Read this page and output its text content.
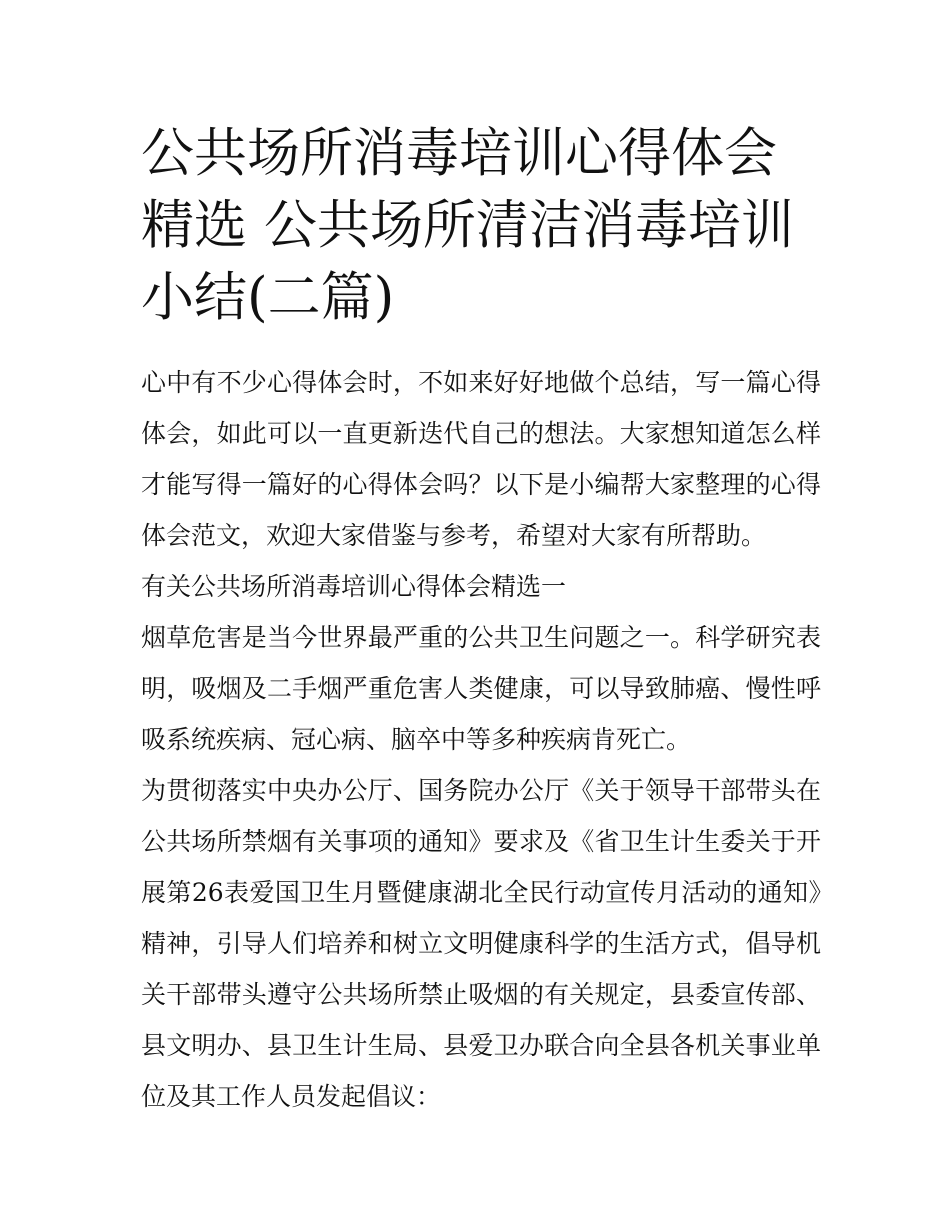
公共场所消毒培训心得体会精选 公共场所清洁消毒培训小结(二篇)

心中有不少心得体会时，不如来好好地做个总结，写一篇心得体会，如此可以一直更新迭代自己的想法。大家想知道怎么样才能写得一篇好的心得体会吗？以下是小编帮大家整理的心得体会范文，欢迎大家借鉴与参考，希望对大家有所帮助。

有关公共场所消毒培训心得体会精选一

烟草危害是当今世界最严重的公共卫生问题之一。科学研究表明，吸烟及二手烟严重危害人类健康，可以导致肺癌、慢性呼吸系统疾病、冠心病、脑卒中等多种疾病肯死亡。

为贯彻落实中央办公厅、国务院办公厅《关于领导干部带头在公共场所禁烟有关事项的通知》要求及《省卫生计生委关于开展第26表爱国卫生月暨健康湖北全民行动宣传月活动的通知》精神，引导人们培养和树立文明健康科学的生活方式，倡导机关干部带头遵守公共场所禁止吸烟的有关规定，县委宣传部、县文明办、县卫生计生局、县爱卫办联合向全县各机关事业单位及其工作人员发起倡议：
